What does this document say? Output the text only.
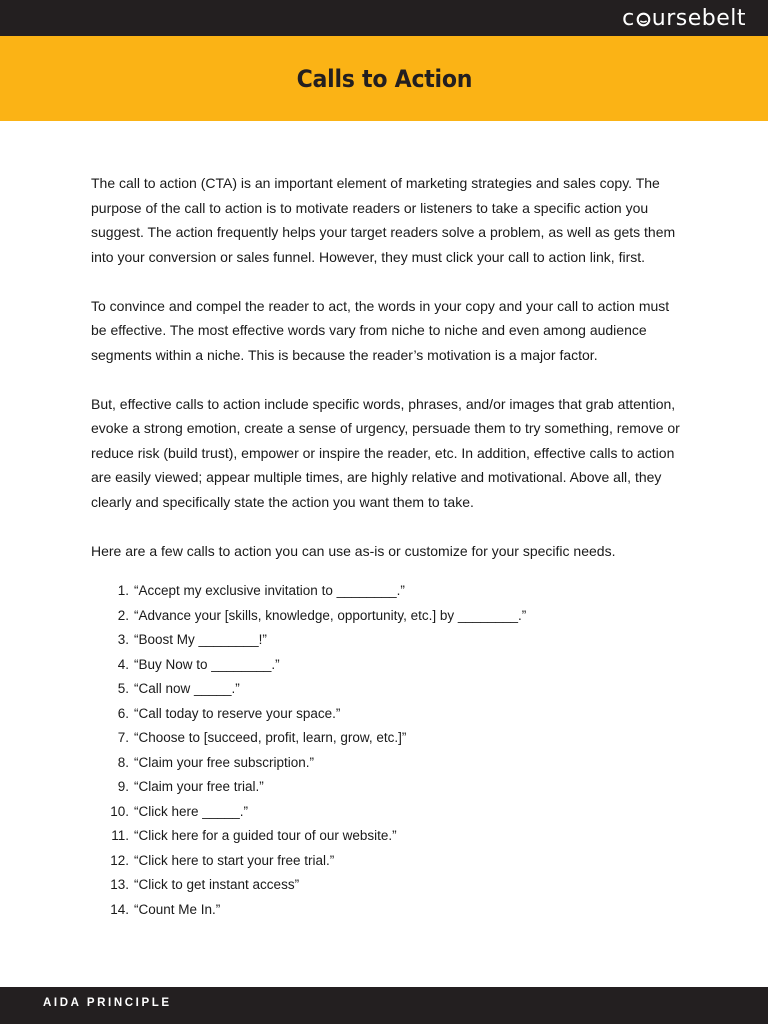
c ursebelt
Calls to Action

The call to action (CTA) is an important element of marketing strategies and sales copy. The purpose of the call to action is to motivate readers or listeners to take a specific action you suggest. The action frequently helps your target readers solve a problem, as well as gets them into your conversion or sales funnel. However, they must click your call to action link, first.

To convince and compel the reader to act, the words in your copy and your call to action must be effective. The most effective words vary from niche to niche and even among audience segments within a niche. This is because the reader’s motivation is a major factor.

But, effective calls to action include specific words, phrases, and/or images that grab attention, evoke a strong emotion, create a sense of urgency, persuade them to try something, remove or reduce risk (build trust), empower or inspire the reader, etc. In addition, effective calls to action are easily viewed; appear multiple times, are highly relative and motivational. Above all, they clearly and specifically state the action you want them to take.

Here are a few calls to action you can use as-is or customize for your specific needs.

1. “Accept my exclusive invitation to ________.”
2. “Advance your [skills, knowledge, opportunity, etc.] by ________.”
3. “Boost My ________!”
4. “Buy Now to ________.”
5. “Call now _____.”
6. “Call today to reserve your space.”
7. “Choose to [succeed, profit, learn, grow, etc.]”
8. “Claim your free subscription.”
9. “Claim your free trial.”
10. “Click here _____.”
11. “Click here for a guided tour of our website.”
12. “Click here to start your free trial.”
13. “Click to get instant access”
14. “Count Me In.”
AIDA PRINCIPLE
